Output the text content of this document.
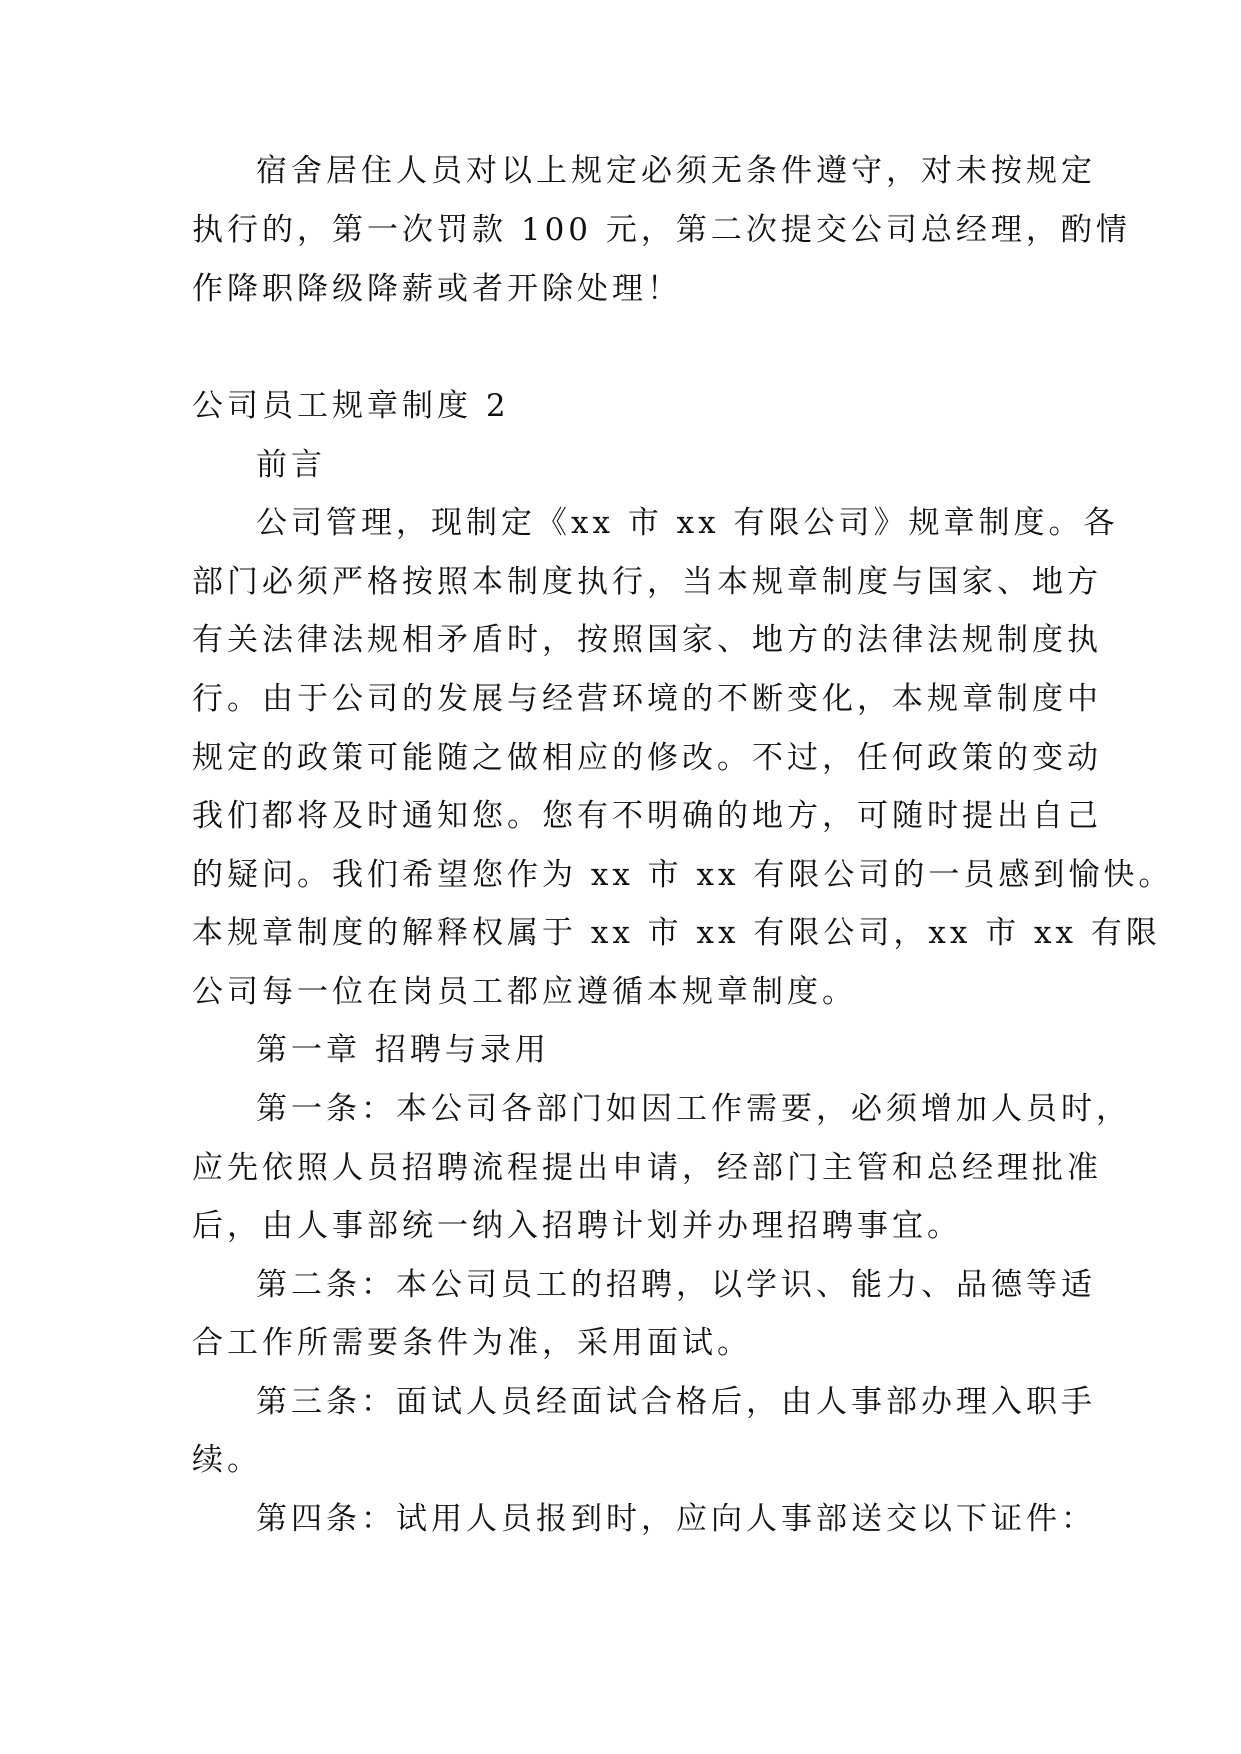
宿舍居住人员对以上规定必须无条件遵守，对未按规定
执行的，第一次罚款 100 元，第二次提交公司总经理，酌情
作降职降级降薪或者开除处理！
公司员工规章制度 2
前言
公司管理，现制定《xx 市 xx 有限公司》规章制度。各
部门必须严格按照本制度执行，当本规章制度与国家、地方
有关法律法规相矛盾时，按照国家、地方的法律法规制度执
行。由于公司的发展与经营环境的不断变化，本规章制度中
规定的政策可能随之做相应的修改。不过，任何政策的变动
我们都将及时通知您。您有不明确的地方，可随时提出自己
的疑问。我们希望您作为 xx 市 xx 有限公司的一员感到愉快。
本规章制度的解释权属于 xx 市 xx 有限公司，xx 市 xx 有限
公司每一位在岗员工都应遵循本规章制度。
第一章 招聘与录用
第一条：本公司各部门如因工作需要，必须增加人员时，
应先依照人员招聘流程提出申请，经部门主管和总经理批准
后，由人事部统一纳入招聘计划并办理招聘事宜。
第二条：本公司员工的招聘，以学识、能力、品德等适
合工作所需要条件为准，采用面试。
第三条：面试人员经面试合格后，由人事部办理入职手
续。
第四条：试用人员报到时，应向人事部送交以下证件：
